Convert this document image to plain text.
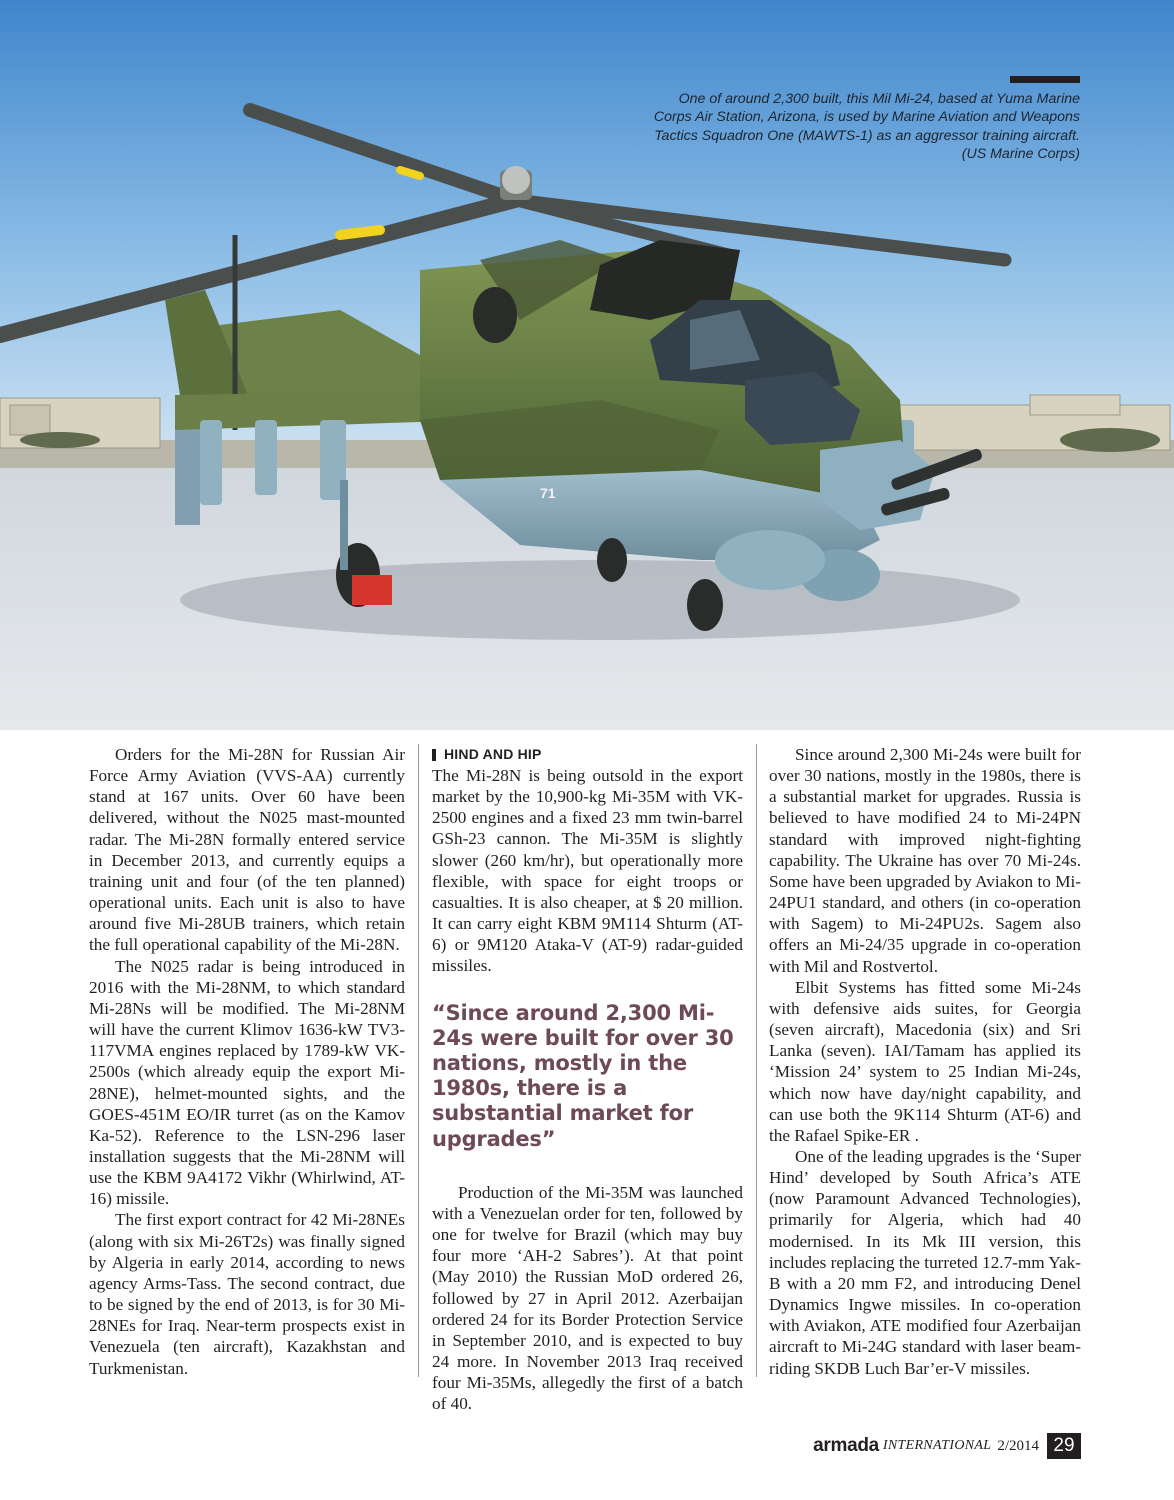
71
One of around 2,300 built, this Mil Mi-24, based at Yuma Marine Corps Air Station, Arizona, is used by Marine Aviation and Weapons Tactics Squadron One (MAWTS-1) as an aggressor training aircraft. (US Marine Corps)

Orders for the Mi-28N for Russian Air Force Army Aviation (VVS-AA) currently stand at 167 units. Over 60 have been delivered, without the N025 mast-mounted radar. The Mi-28N formally entered service in December 2013, and currently equips a training unit and four (of the ten planned) operational units. Each unit is also to have around five Mi-28UB trainers, which retain the full operational capability of the Mi-28N.

The N025 radar is being introduced in 2016 with the Mi-28NM, to which standard Mi-28Ns will be modified. The Mi-28NM will have the current Klimov 1636-kW TV3-117VMA engines replaced by 1789-kW VK-2500s (which already equip the export Mi-28NE), helmet-mounted sights, and the GOES-451M EO/IR turret (as on the Kamov Ka-52). Reference to the LSN-296 laser installation suggests that the Mi-28NM will use the KBM 9A4172 Vikhr (Whirlwind, AT-16) missile.

The first export contract for 42 Mi-28NEs (along with six Mi-26T2s) was finally signed by Algeria in early 2014, according to news agency Arms-Tass. The second contract, due to be signed by the end of 2013, is for 30 Mi-28NEs for Iraq. Near-term prospects exist in Venezuela (ten aircraft), Kazakhstan and Turkmenistan.

HIND AND HIP

The Mi-28N is being outsold in the export market by the 10,900-kg Mi-35M with VK-2500 engines and a fixed 23 mm twin-barrel GSh-23 cannon. The Mi-35M is slightly slower (260 km/hr), but operationally more flexible, with space for eight troops or casualties. It is also cheaper, at $ 20 million. It can carry eight KBM 9M114 Shturm (AT-6) or 9M120 Ataka-V (AT-9) radar-guided missiles.

“Since around 2,300 Mi-24s were built for over 30 nations, mostly in the 1980s, there is a substantial market for upgrades”

Production of the Mi-35M was launched with a Venezuelan order for ten, followed by one for twelve for Brazil (which may buy four more ‘AH-2 Sabres’). At that point (May 2010) the Russian MoD ordered 26, followed by 27 in April 2012. Azerbaijan ordered 24 for its Border Protection Service in September 2010, and is expected to buy 24 more. In November 2013 Iraq received four Mi-35Ms, allegedly the first of a batch of 40.

Since around 2,300 Mi-24s were built for over 30 nations, mostly in the 1980s, there is a substantial market for upgrades. Russia is believed to have modified 24 to Mi-24PN standard with improved night-fighting capability. The Ukraine has over 70 Mi-24s. Some have been upgraded by Aviakon to Mi-24PU1 standard, and others (in co-operation with Sagem) to Mi-24PU2s. Sagem also offers an Mi-24/35 upgrade in co-operation with Mil and Rostvertol.

Elbit Systems has fitted some Mi-24s with defensive aids suites, for Georgia (seven aircraft), Macedonia (six) and Sri Lanka (seven). IAI/Tamam has applied its ‘Mission 24’ system to 25 Indian Mi-24s, which now have day/night capability, and can use both the 9K114 Shturm (AT-6) and the Rafael Spike-ER .

One of the leading upgrades is the ‘Super Hind’ developed by South Africa’s ATE (now Paramount Advanced Technologies), primarily for Algeria, which had 40 modernised. In its Mk III version, this includes replacing the turreted 12.7-mm Yak-B with a 20 mm F2, and introducing Denel Dynamics Ingwe missiles. In co-operation with Aviakon, ATE modified four Azerbaijan aircraft to Mi-24G standard with laser beam-riding SKDB Luch Bar’er-V missiles.

armada INTERNATIONAL 2/2014 29
